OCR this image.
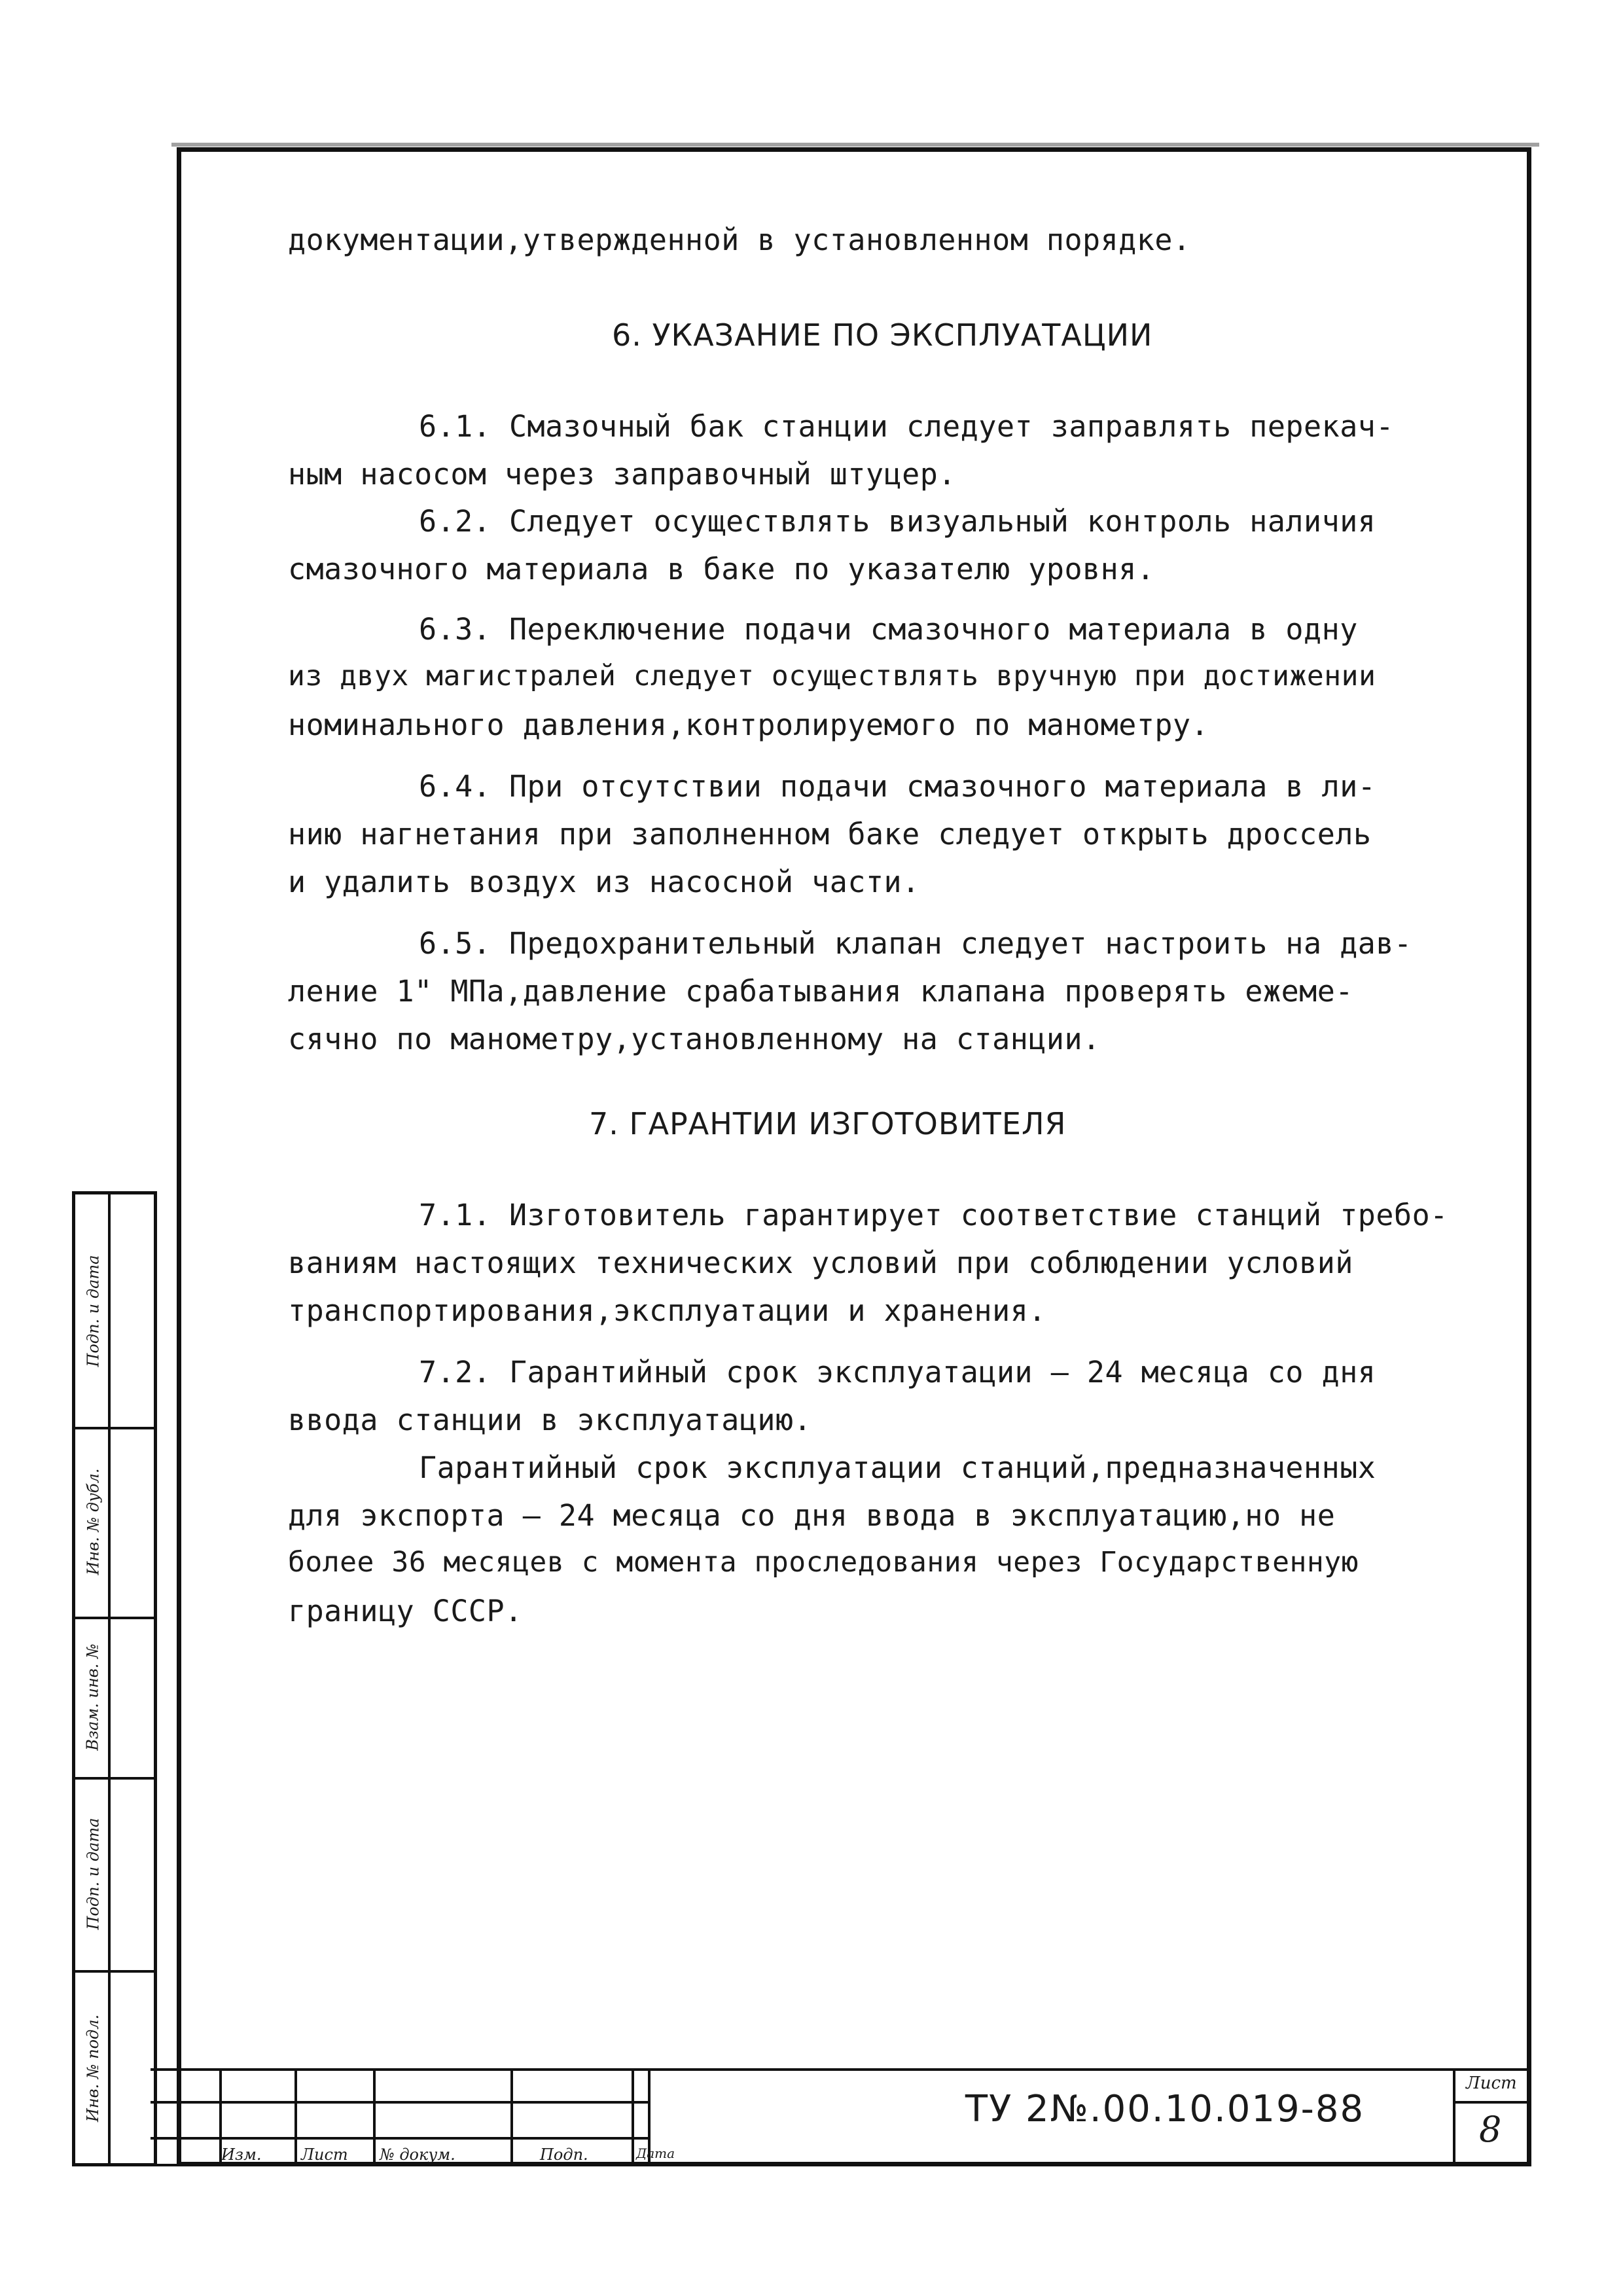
документации,утвержденной в установленном порядке.
6. УКАЗАНИЕ ПО ЭКСПЛУАТАЦИИ
6.1. Смазочный бак станции следует заправлять перекач-
ным насосом через заправочный штуцер.
6.2. Следует осуществлять визуальный контроль наличия
смазочного материала в баке по указателю уровня.
6.3. Переключение подачи смазочного материала в одну
из двух магистралей следует осуществлять вручную при достижении
номинального давления,контролируемого по манометру.
6.4. При отсутствии подачи смазочного материала в ли-
нию нагнетания при заполненном баке следует открыть дроссель
и удалить воздух из насосной части.
6.5. Предохранительный клапан следует настроить на дав-
ление 1" МПа,давление срабатывания клапана проверять ежеме-
сячно по манометру,установленному на станции.
7. ГАРАНТИИ ИЗГОТОВИТЕЛЯ
7.1. Изготовитель гарантирует соответствие станций требо-
ваниям настоящих технических условий при соблюдении условий
транспортирования,эксплуатации и хранения.
7.2. Гарантийный срок эксплуатации – 24 месяца со дня
ввода станции в эксплуатацию.
Гарантийный срок эксплуатации станций,предназначенных
для экспорта – 24 месяца со дня ввода в эксплуатацию,но не
более 36 месяцев с момента проследования через Государственную
границу СССР.
Подп. и дата
Инв. № дубл.
Взам. инв. №
Подп. и дата
Инв. № подл.
Изм.	Лист № докум.	Подп.	Дата
ТУ 2№.00.10.019-88
Лист
8
